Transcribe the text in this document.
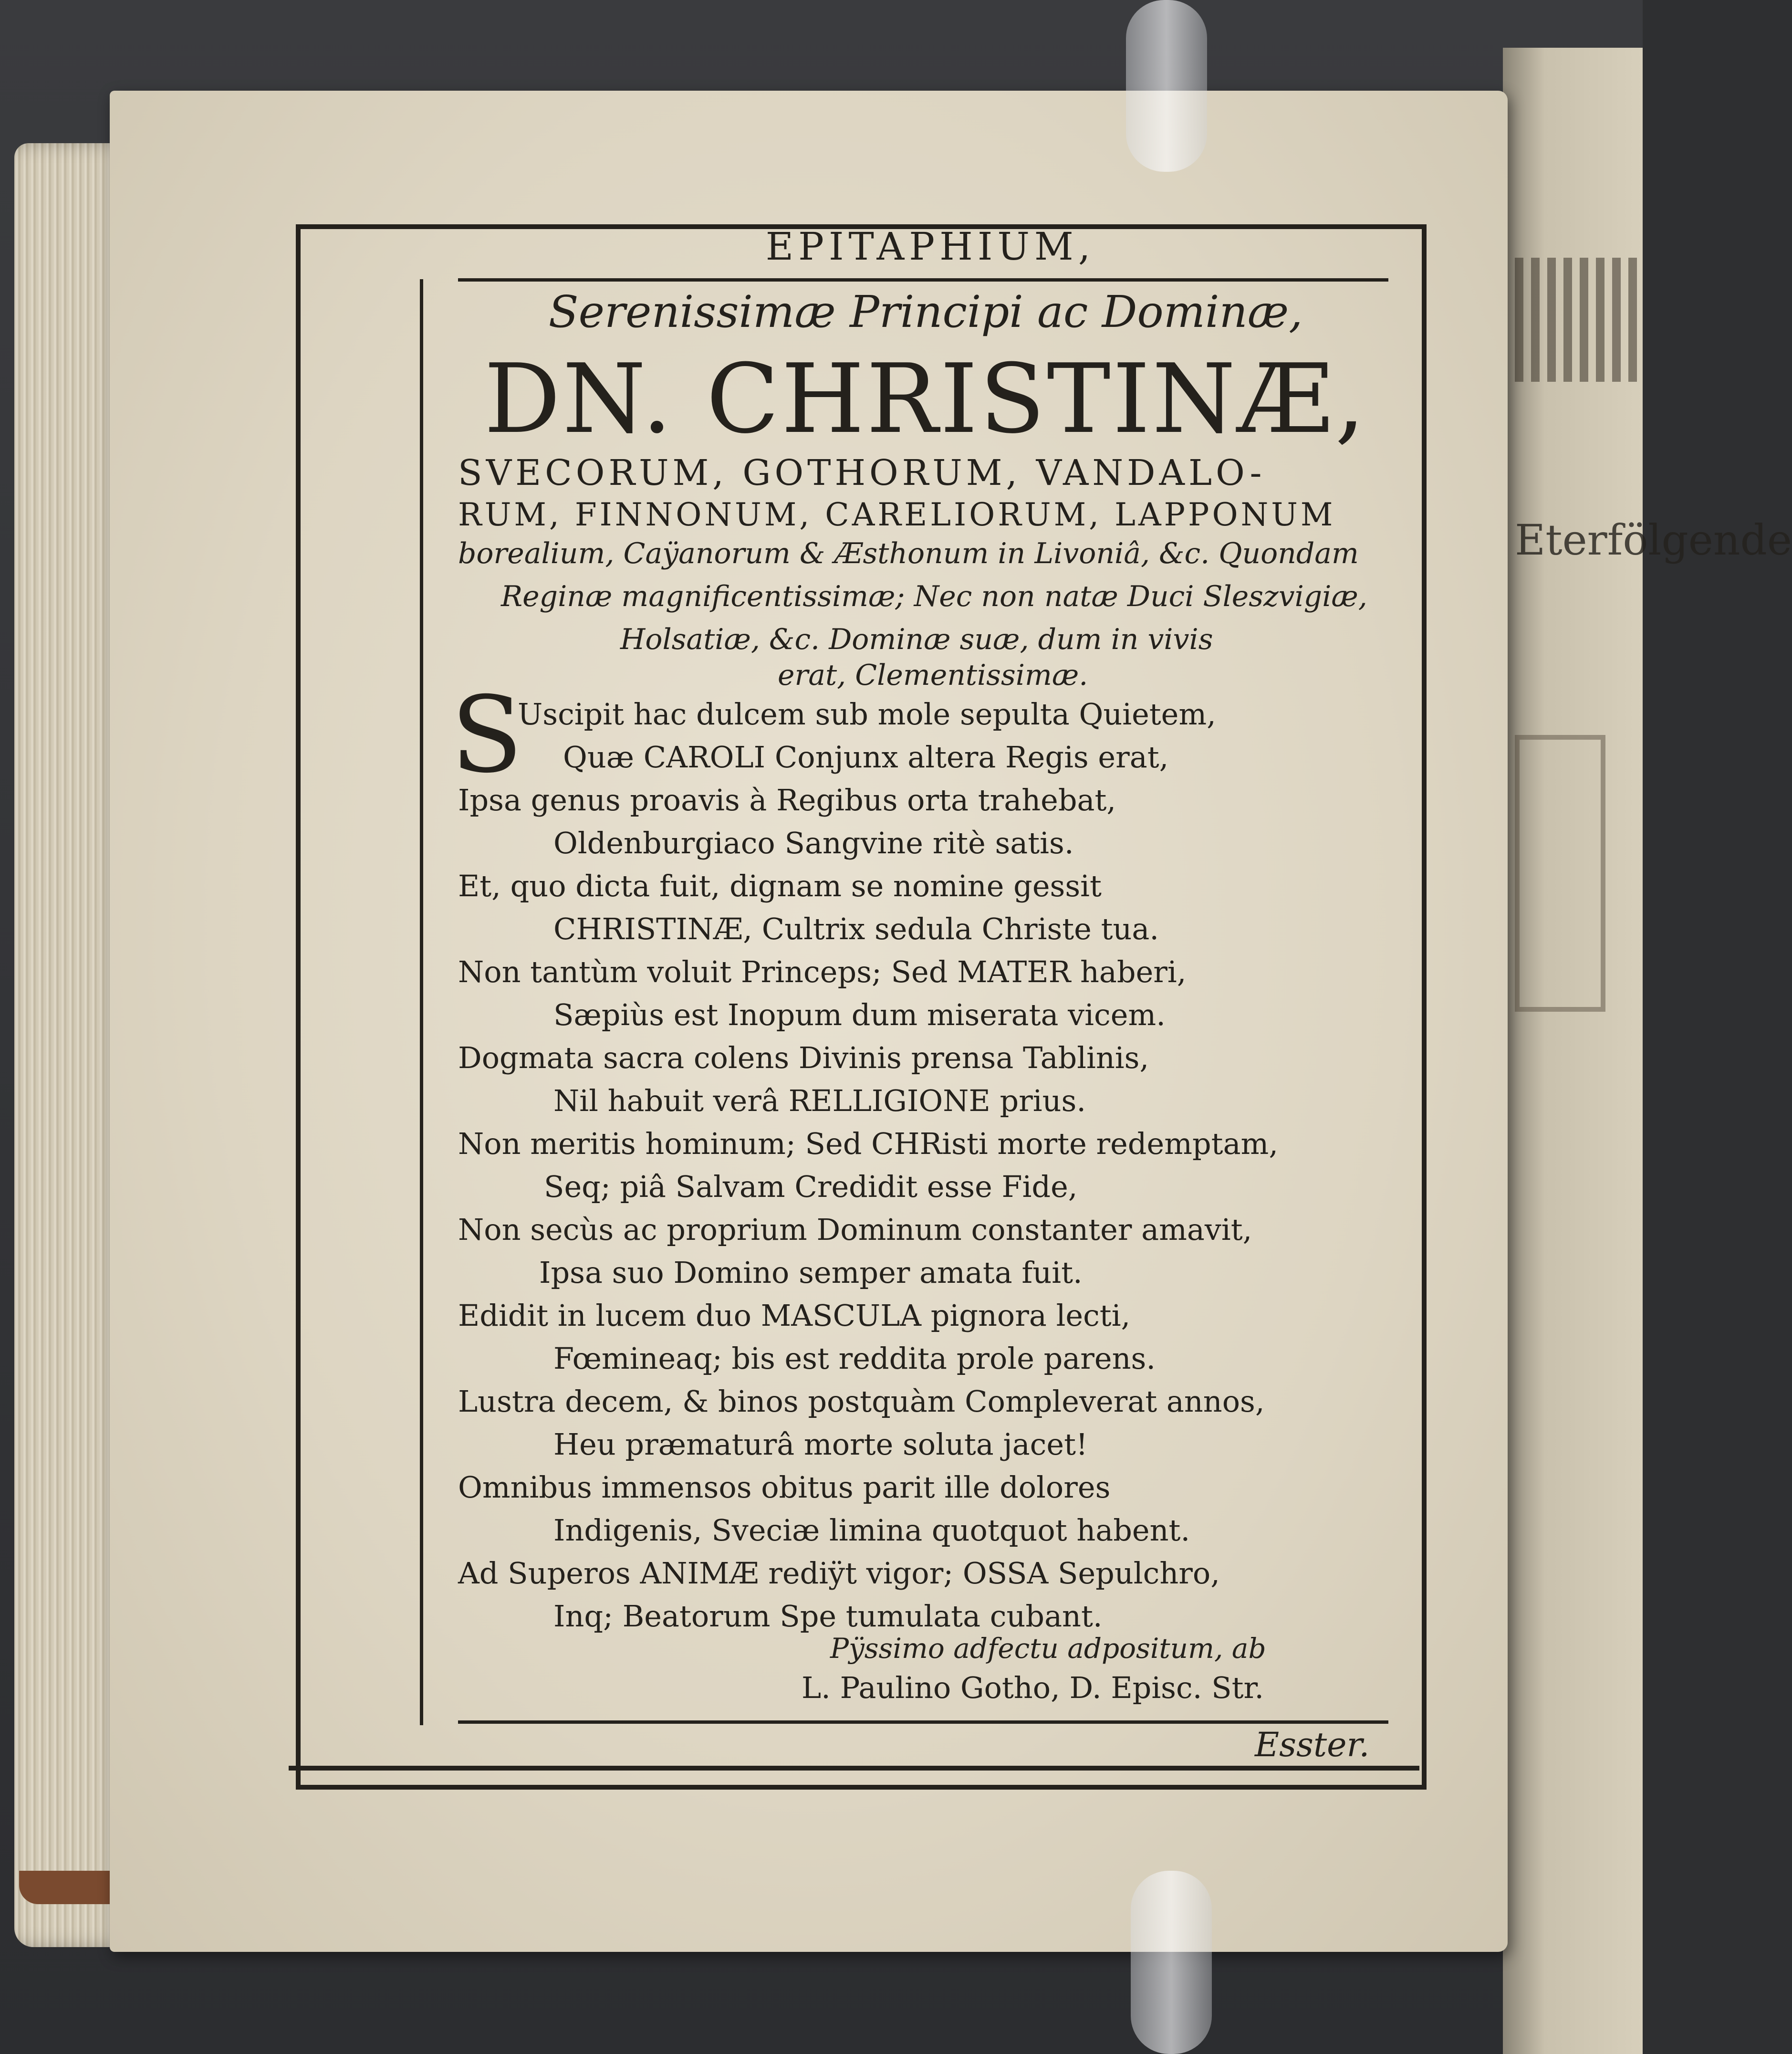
Eterfölgende
EPITAPHIUM,
Serenissimæ Principi ac Dominæ,
DN. CHRISTINÆ,
SVECORUM, GOTHORUM, VANDALO-
RUM, FINNONUM, CARELIORUM, LAPPONUM
borealium, Caÿanorum & Æsthonum in Livoniâ, &c. Quondam
Reginæ magnificentissimæ; Nec non natæ Duci Sleszvigiæ,
Holsatiæ, &c. Dominæ suæ, dum in vivis
erat, Clementissimæ.
S
Uscipit hac dulcem sub mole sepulta Quietem,
Quæ CAROLI Conjunx altera Regis erat,
Ipsa genus proavis à Regibus orta trahebat,
Oldenburgiaco Sangvine ritè satis.
Et, quo dicta fuit, dignam se nomine gessit
CHRISTINÆ, Cultrix sedula Christe tua.
Non tantùm voluit Princeps; Sed MATER haberi,
Sæpiùs est Inopum dum miserata vicem.
Dogmata sacra colens Divinis prensa Tablinis,
Nil habuit verâ RELLIGIONE prius.
Non meritis hominum; Sed CHRisti morte redemptam,
Seq; piâ Salvam Credidit esse Fide,
Non secùs ac proprium Dominum constanter amavit,
Ipsa suo Domino semper amata fuit.
Edidit in lucem duo MASCULA pignora lecti,
Fœmineaq; bis est reddita prole parens.
Lustra decem, & binos postquàm Compleverat annos,
Heu præmaturâ morte soluta jacet!
Omnibus immensos obitus parit ille dolores
Indigenis, Sveciæ limina quotquot habent.
Ad Superos ANIMÆ rediÿt vigor; OSSA Sepulchro,
Inq; Beatorum Spe tumulata cubant.
Pÿssimo adfectu adpositum, ab
L. Paulino Gotho, D. Episc. Str.
Esster.
